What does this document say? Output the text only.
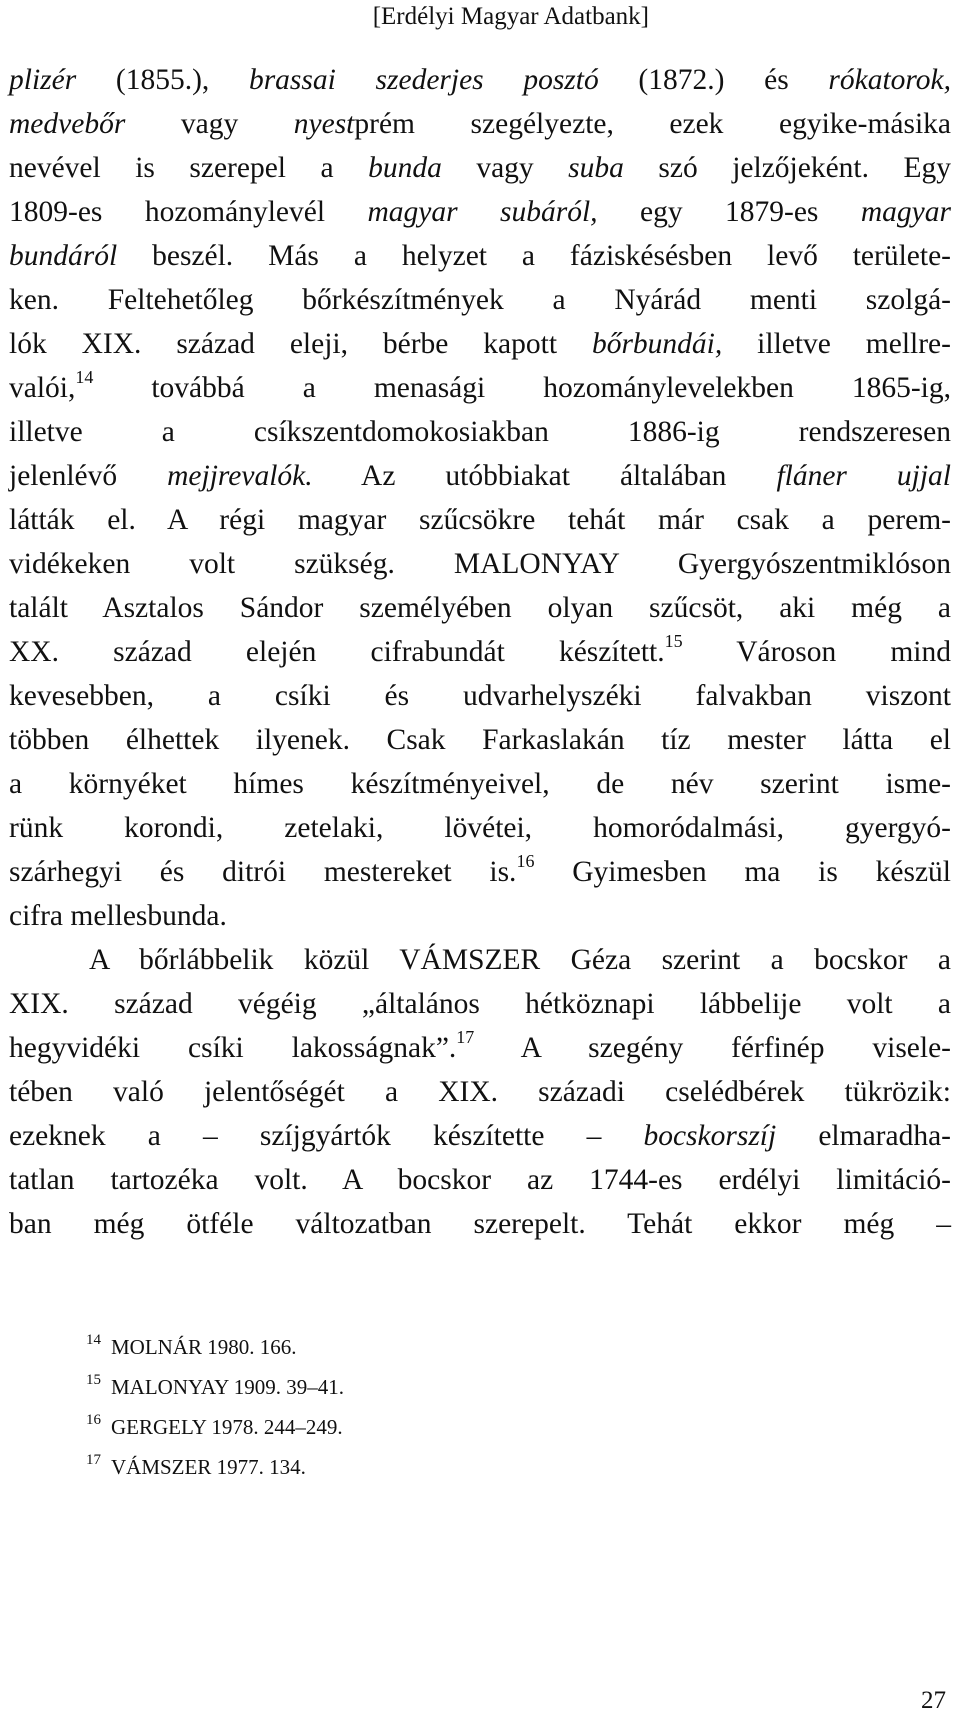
[Erdélyi Magyar Adatbank]
plizér (1855.), brassai szederjes posztó (1872.) és rókatorok,
medvebőr vagy nyestprém szegélyezte, ezek egyike-másika
nevével is szerepel a bunda vagy suba szó jelzőjeként. Egy
1809-es hozománylevél magyar subáról, egy 1879-es magyar
bundáról beszél. Más a helyzet a fáziskésésben levő területe-
ken. Feltehetőleg bőrkészítmények a Nyárád menti szolgá-
lók XIX. század eleji, bérbe kapott bőrbundái, illetve mellre-
valói,$^{14}$ továbbá a menasági hozománylevelekben 1865-ig,
illetve a csíkszentdomokosiakban 1886-ig rendszeresen
jelenlévő mejjrevalók. Az utóbbiakat általában fláner ujjal
látták el. A régi magyar szűcsökre tehát már csak a perem-
vidékeken volt szükség. MALONYAY Gyergyószentmiklóson
talált Asztalos Sándor személyében olyan szűcsöt, aki még a
XX. század elején cifrabundát készített.$^{15}$ Városon mind
kevesebben, a csíki és udvarhelyszéki falvakban viszont
többen élhettek ilyenek. Csak Farkaslakán tíz mester látta el
a környéket hímes készítményeivel, de név szerint isme-
rünk korondi, zetelaki, lövétei, homoródalmási, gyergyó-
szárhegyi és ditrói mestereket is.$^{16}$ Gyimesben ma is készül
cifra mellesbunda.
A bőrlábbelik közül VÁMSZER Géza szerint a bocskor a
XIX. század végéig „általános hétköznapi lábbelije volt a
hegyvidéki csíki lakosságnak”.$^{17}$ A szegény férfinép visele-
tében való jelentőségét a XIX. századi cselédbérek tükrözik:
ezeknek a – szíjgyártók készítette – bocskorszíj elmaradha-
tatlan tartozéka volt. A bocskor az 1744-es erdélyi limitáció-
ban még ötféle változatban szerepelt. Tehát ekkor még –
$^{14}$ MOLNÁR 1980. 166.
$^{15}$ MALONYAY 1909. 39–41.
$^{16}$ GERGELY 1978. 244–249.
$^{17}$ VÁMSZER 1977. 134.
27
